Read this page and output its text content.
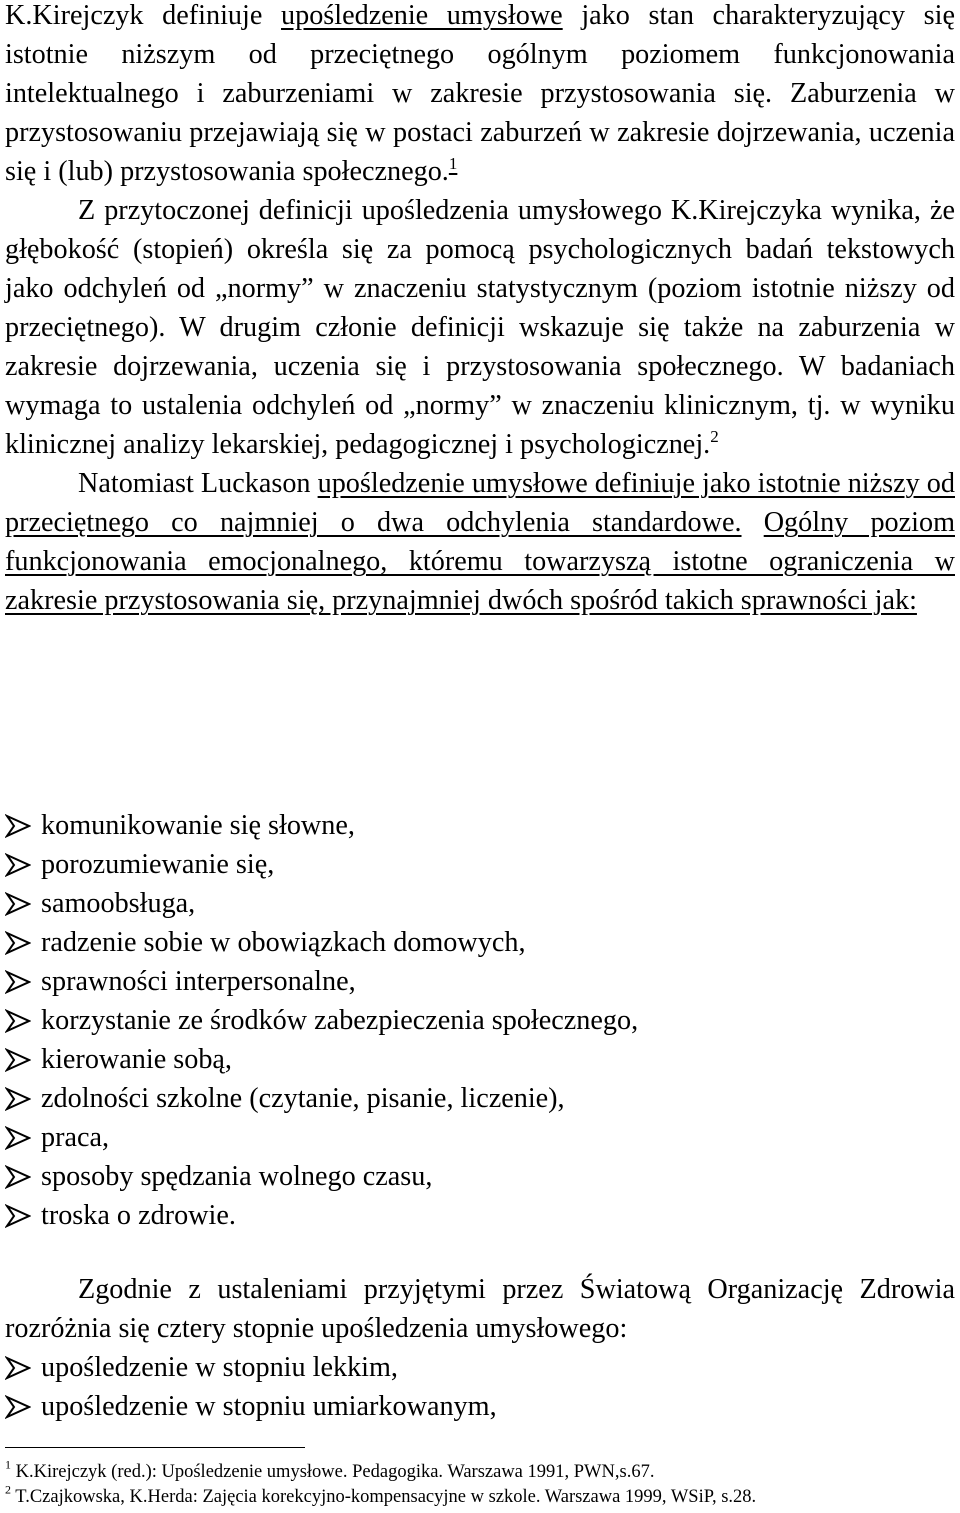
K.Kirejczyk definiuje upośledzenie umysłowe jako stan charakteryzujący się istotnie niższym od przeciętnego ogólnym poziomem funkcjonowania intelektualnego i zaburzeniami w zakresie przystosowania się. Zaburzenia w przystosowaniu przejawiają się w postaci zaburzeń w zakresie dojrzewania, uczenia się i (lub) przystosowania społecznego.$^1$

Z przytoczonej definicji upośledzenia umysłowego K.Kirejczyka wynika, że głębokość (stopień) określa się za pomocą psychologicznych badań tekstowych jako odchyleń od „normy” w znaczeniu statystycznym (poziom istotnie niższy od przeciętnego). W drugim członie definicji wskazuje się także na zaburzenia w zakresie dojrzewania, uczenia się i przystosowania społecznego. W badaniach wymaga to ustalenia odchyleń od „normy” w znaczeniu klinicznym, tj. w wyniku klinicznej analizy lekarskiej, pedagogicznej i psychologicznej.$^2$

Natomiast Luckason upośledzenie umysłowe definiuje jako istotnie niższy od przeciętnego co najmniej o dwa odchylenia standardowe. Ogólny poziom funkcjonowania emocjonalnego, któremu towarzyszą istotne ograniczenia w zakresie przystosowania się, przynajmniej dwóch spośród takich sprawności jak:

komunikowanie się słowne,
porozumiewanie się,
samoobsługa,
radzenie sobie w obowiązkach domowych,
sprawności interpersonalne,
korzystanie ze środków zabezpieczenia społecznego,
kierowanie sobą,
zdolności szkolne (czytanie, pisanie, liczenie),
praca,
sposoby spędzania wolnego czasu,
troska o zdrowie.

Zgodnie z ustaleniami przyjętymi przez Światową Organizację Zdrowia rozróżnia się cztery stopnie upośledzenia umysłowego:

upośledzenie w stopniu lekkim,
upośledzenie w stopniu umiarkowanym,
$^1$ K.Kirejczyk (red.): Upośledzenie umysłowe. Pedagogika. Warszawa 1991, PWN,s.67.
$^2$ T.Czajkowska, K.Herda: Zajęcia korekcyjno-kompensacyjne w szkole. Warszawa 1999, WSiP, s.28.
